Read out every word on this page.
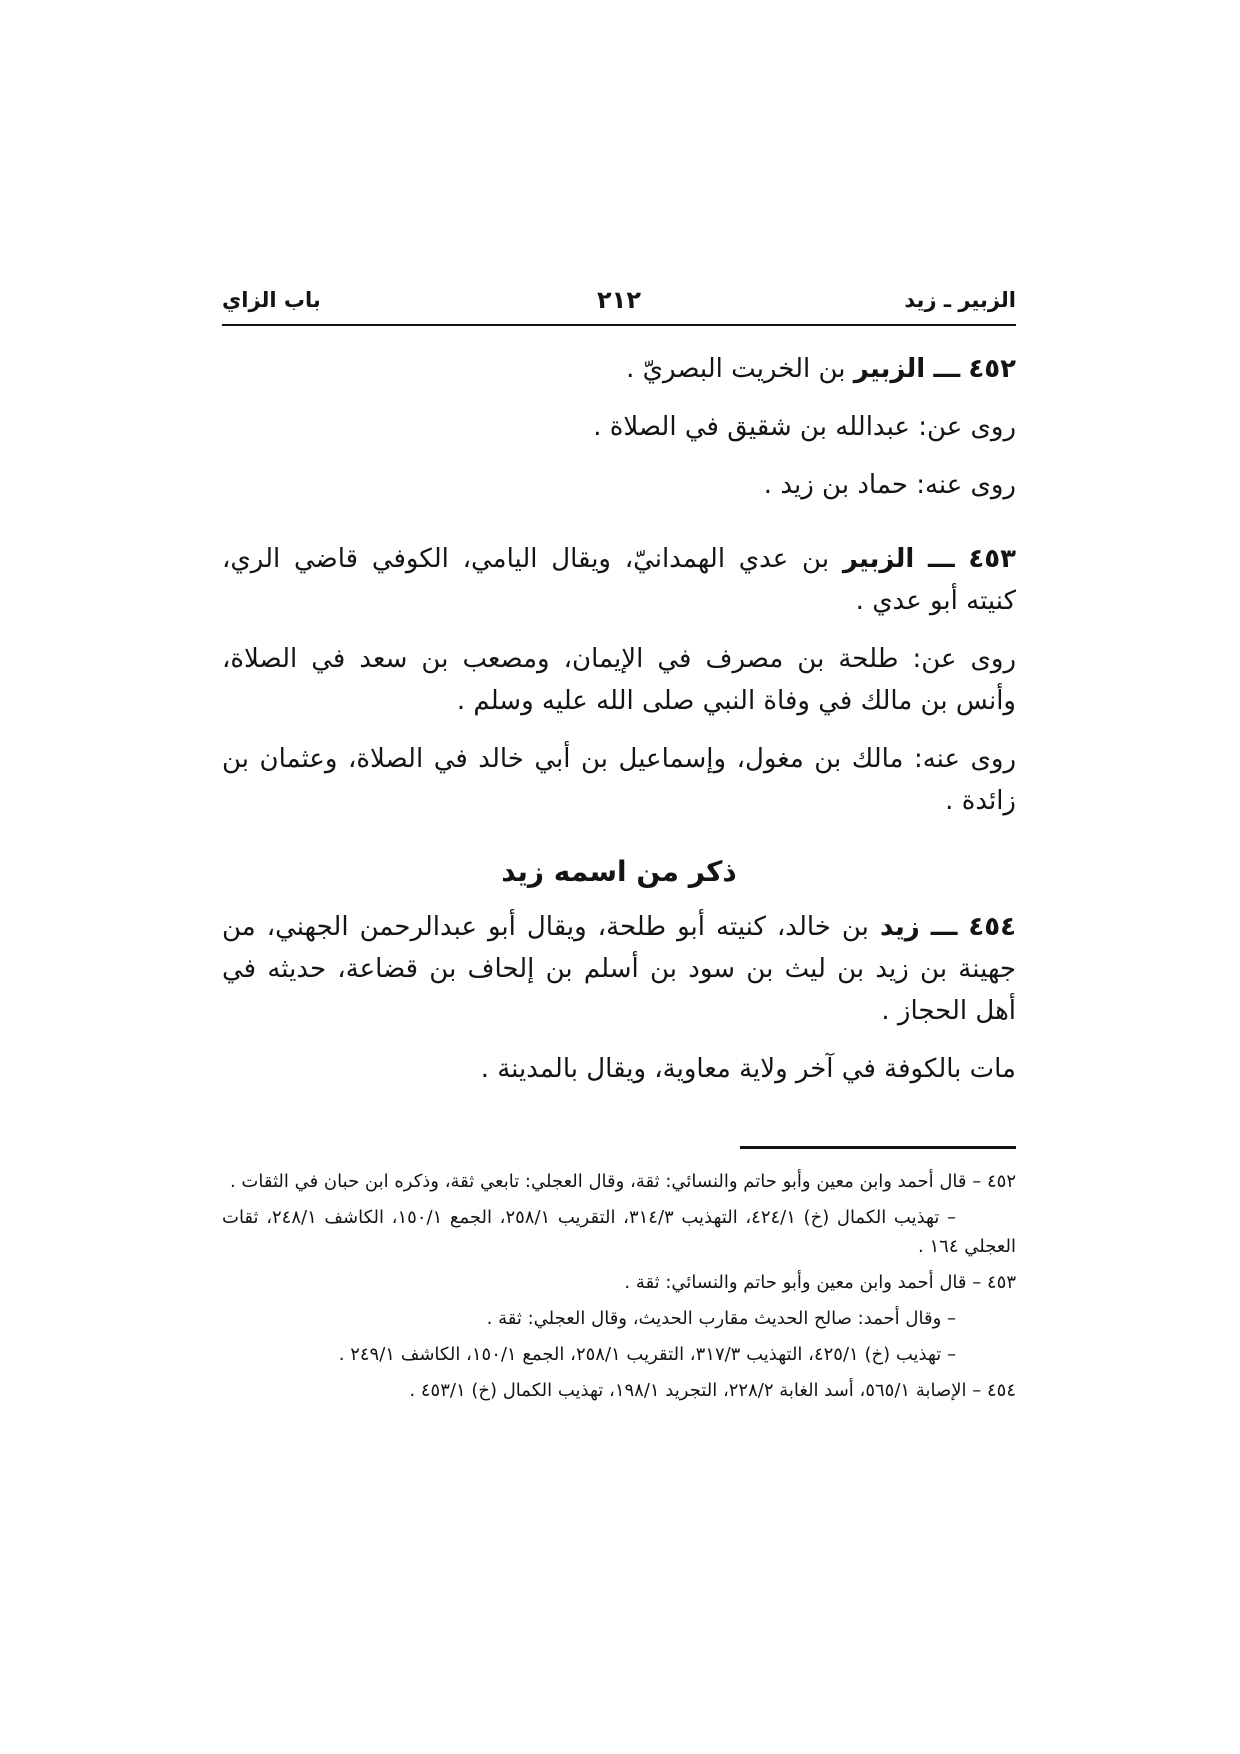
الزبير ـ زيد
٢١٢
باب الزاي

٤٥٢ ـــ الزبير بن الخريت البصريّ .

روى عن: عبدالله بن شقيق في الصلاة .

روى عنه: حماد بن زيد .

٤٥٣ ـــ الزبير بن عدي الهمدانيّ، ويقال اليامي، الكوفي قاضي الري، كنيته أبو عدي .

روى عن: طلحة بن مصرف في الإيمان، ومصعب بن سعد في الصلاة، وأنس بن مالك في وفاة النبي صلى الله عليه وسلم .

روى عنه: مالك بن مغول، وإسماعيل بن أبي خالد في الصلاة، وعثمان بن زائدة .

ذكر من اسمه زيد

٤٥٤ ـــ زيد بن خالد، كنيته أبو طلحة، ويقال أبو عبدالرحمن الجهني، من جهينة بن زيد بن ليث بن سود بن أسلم بن إلحاف بن قضاعة، حديثه في أهل الحجاز .

مات بالكوفة في آخر ولاية معاوية، ويقال بالمدينة .

٤٥٢ – قال أحمد وابن معين وأبو حاتم والنسائي: ثقة، وقال العجلي: تابعي ثقة، وذكره ابن حبان في الثقات .

– تهذيب الكمال (خ) ٤٢٤/١، التهذيب ٣١٤/٣، التقريب ٢٥٨/١، الجمع ١٥٠/١، الكاشف ٢٤٨/١، ثقات العجلي ١٦٤ .

٤٥٣ – قال أحمد وابن معين وأبو حاتم والنسائي: ثقة .

– وقال أحمد: صالح الحديث مقارب الحديث، وقال العجلي: ثقة .

– تهذيب (خ) ٤٢٥/١، التهذيب ٣١٧/٣، التقريب ٢٥٨/١، الجمع ١٥٠/١، الكاشف ٢٤٩/١ .

٤٥٤ – الإصابة ٥٦٥/١، أسد الغابة ٢٢٨/٢، التجريد ١٩٨/١، تهذيب الكمال (خ) ٤٥٣/١ .
